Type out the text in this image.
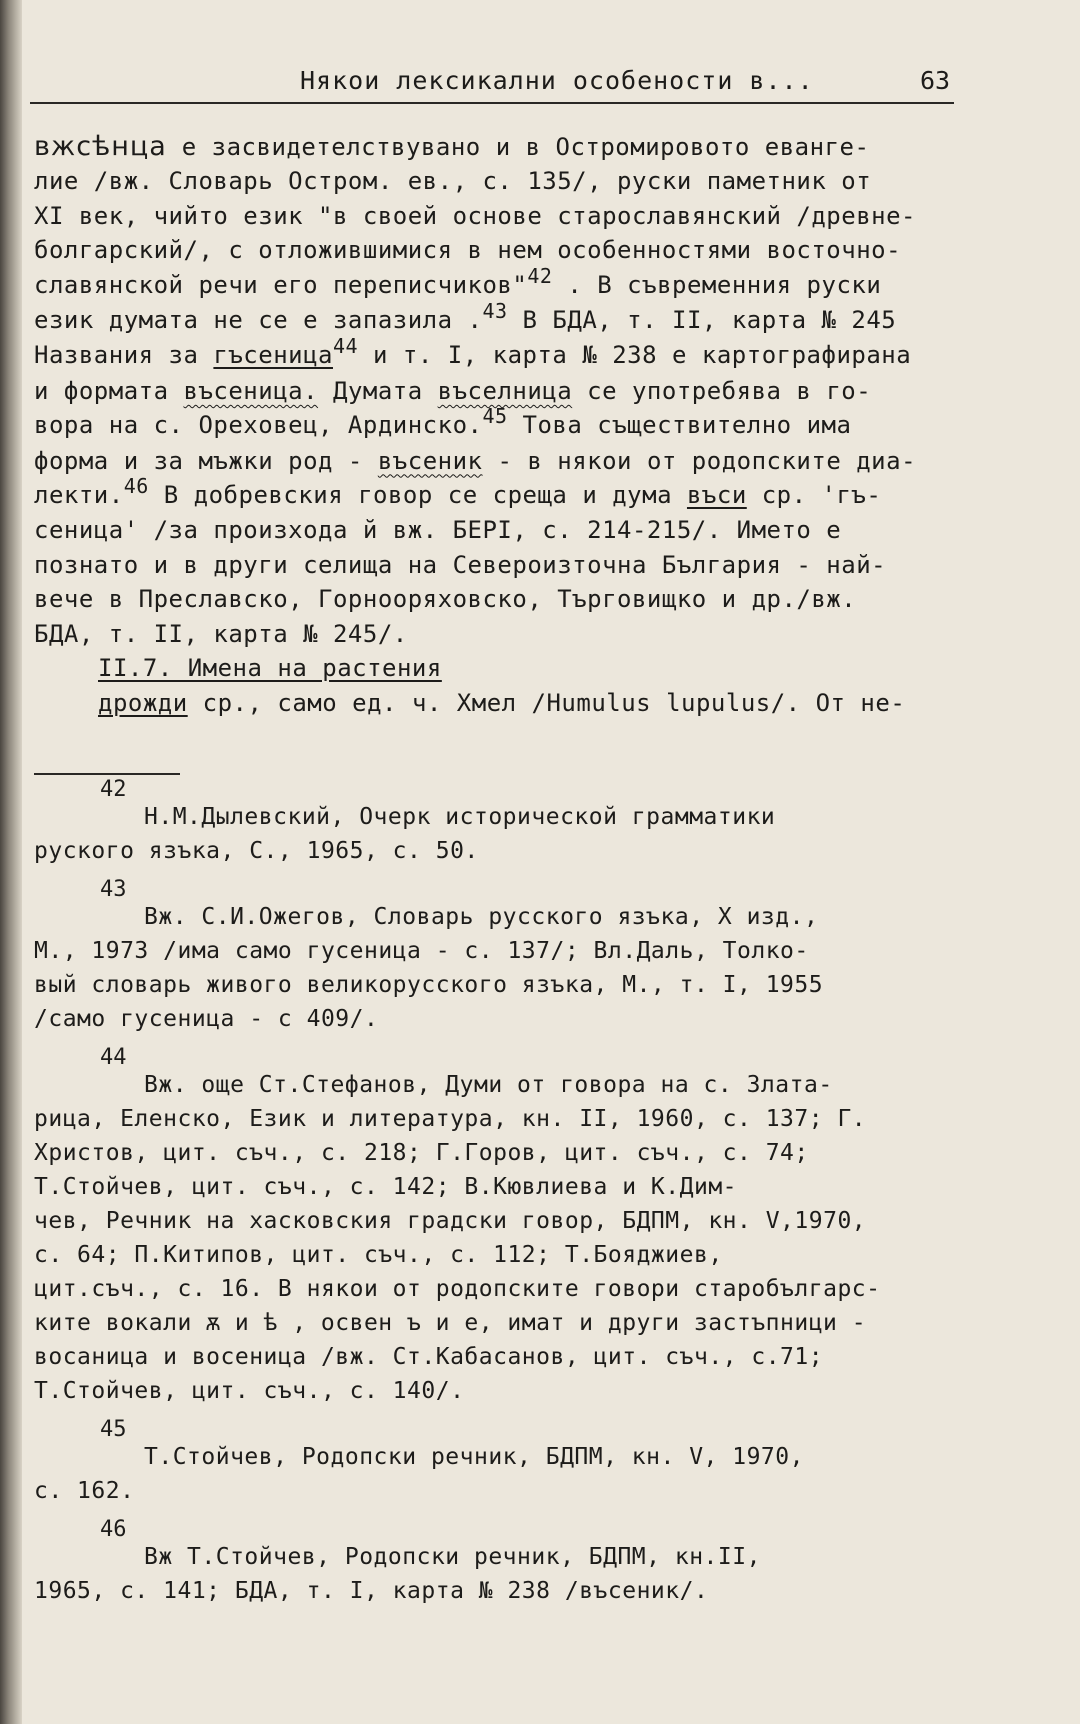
Някои лексикални особености в...	63
вжсѣнца е засвидетелствувано и в Остромировото еванге-
лие /вж. Словарь Остром. ев., с. 135/, руски паметник от
XI век, чийто език "в своей основе старославянский /древне-
болгарский/, с отложившимися в нем особенностями восточно-
славянской речи его переписчиков"$^{42}$ . В съвременния руски
език думата не се е запазила .$^{43}$ В БДА, т. II, карта № 245
Названия за гъсеница$^{44}$ и т. I, карта № 238 е картографирана
и формата въсеница. Думата въселница се употребява в го-
вора на с. Ореховец, Ардинско.$^{45}$ Това съществително има
форма и за мъжки род - въсеник - в някои от родопските диа-
лекти.$^{46}$ В добревския говор се среща и дума въси ср. 'гъ-
сеница' /за произхода й вж. БЕРI, с. 214-215/. Името е
познато и в други селища на Североизточна България - най-
вече в Преславско, Горнооряховско, Търговищко и др./вж.
БДА, т. II, карта № 245/.
II.7. Имена на растения
дрожди ср., само ед. ч. Хмел /Humulus lupulus/. От не-
42
Н.М.Дылевский, Очерк исторической грамматики
руского язъка, С., 1965, с. 50.
43
Вж. С.И.Ожегов, Словарь русского язъка, X изд.,
М., 1973 /има само гусеница - с. 137/; Вл.Даль, Толко-
вый словарь живого великорусского язъка, М., т. I, 1955
/само гусеница - с 409/.
44
Вж. още Ст.Стефанов, Думи от говора на с. Злата-
рица, Еленско, Език и литература, кн. II, 1960, с. 137; Г.
Христов, цит. съч., с. 218; Г.Горов, цит. съч., с. 74;
Т.Стойчев, цит. съч., с. 142; В.Кювлиева и К.Дим-
чев, Речник на хасковския градски говор, БДПМ, кн. V,1970,
с. 64; П.Китипов, цит. съч., с. 112; Т.Бояджиев,
цит.съч., с. 16. В някои от родопските говори старобългарс-
ките вокали ѫ и ѣ , освен ъ и е, имат и други застъпници -
восаница и восеница /вж. Ст.Кабасанов, цит. съч., с.71;
Т.Стойчев, цит. съч., с. 140/.
45
Т.Стойчев, Родопски речник, БДПМ, кн. V, 1970,
с. 162.
46
Вж Т.Стойчев, Родопски речник, БДПМ, кн.II,
1965, с. 141; БДА, т. I, карта № 238 /въсеник/.
